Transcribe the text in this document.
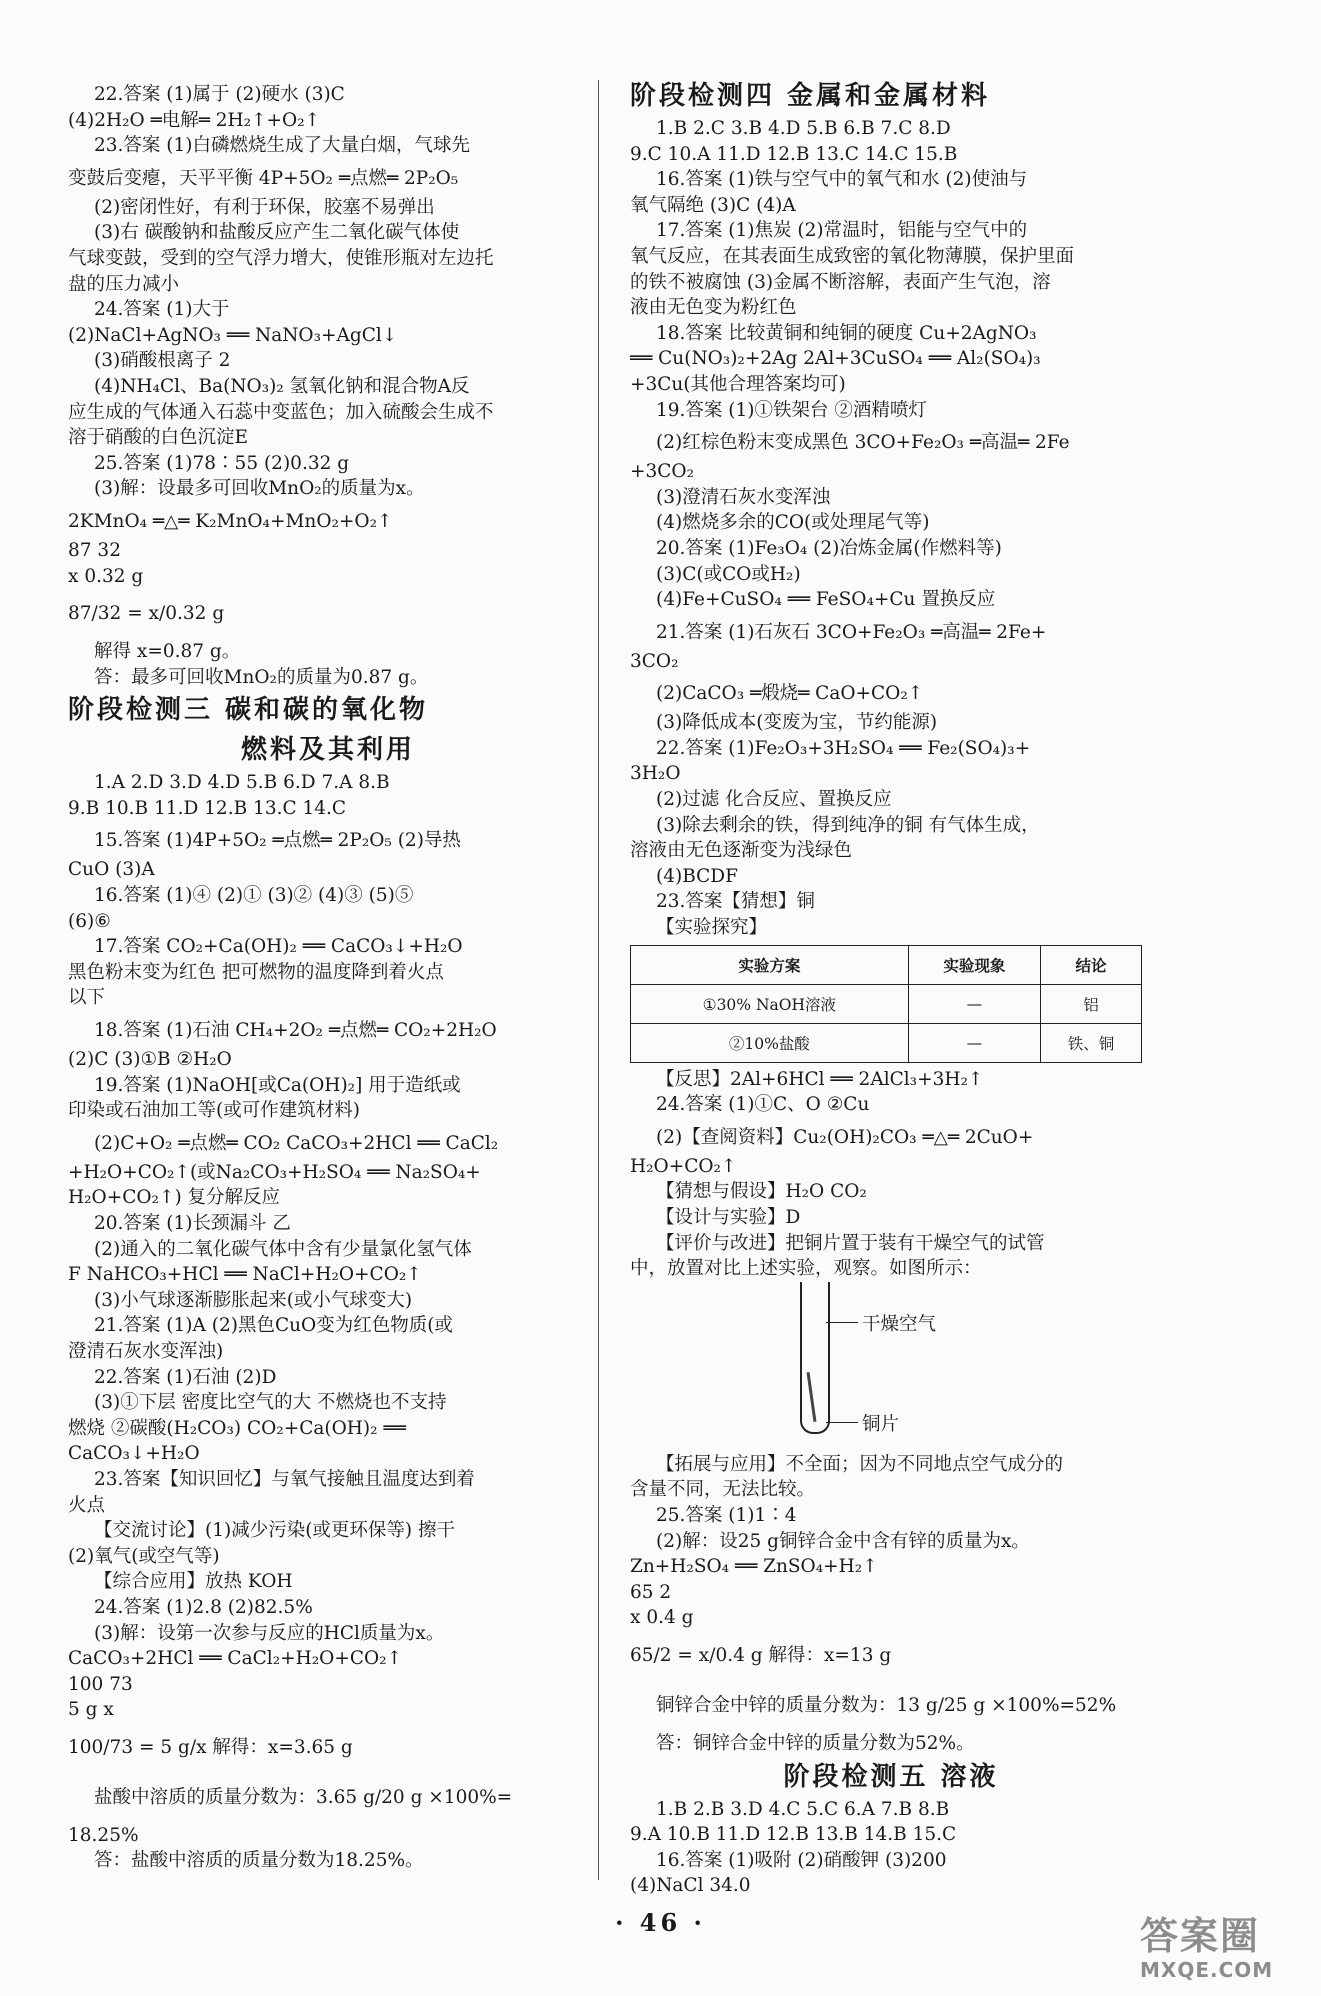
22.答案 (1)属于 (2)硬水 (3)C
(4)2H₂O ═电解═ 2H₂↑+O₂↑
23.答案 (1)白磷燃烧生成了大量白烟，气球先
变鼓后变瘪，天平平衡 4P+5O₂ ═点燃═ 2P₂O₅
(2)密闭性好，有利于环保，胶塞不易弹出
(3)右 碳酸钠和盐酸反应产生二氧化碳气体使
气球变鼓，受到的空气浮力增大，使锥形瓶对左边托
盘的压力减小
24.答案 (1)大于
(2)NaCl+AgNO₃ ══ NaNO₃+AgCl↓
(3)硝酸根离子 2
(4)NH₄Cl、Ba(NO₃)₂ 氢氧化钠和混合物A反
应生成的气体通入石蕊中变蓝色；加入硫酸会生成不
溶于硝酸的白色沉淀E
25.答案 (1)78∶55 (2)0.32 g
(3)解：设最多可回收MnO₂的质量为x。
2KMnO₄ ═△═ K₂MnO₄+MnO₂+O₂↑
87 32
x 0.32 g
87/32 = x/0.32 g
解得 x=0.87 g。
答：最多可回收MnO₂的质量为0.87 g。
阶段检测三 碳和碳的氧化物
燃料及其利用
1.A 2.D 3.D 4.D 5.B 6.D 7.A 8.B
9.B 10.B 11.D 12.B 13.C 14.C
15.答案 (1)4P+5O₂ ═点燃═ 2P₂O₅ (2)导热
CuO (3)A
16.答案 (1)④ (2)① (3)② (4)③ (5)⑤
(6)⑥
17.答案 CO₂+Ca(OH)₂ ══ CaCO₃↓+H₂O
黑色粉末变为红色 把可燃物的温度降到着火点
以下
18.答案 (1)石油 CH₄+2O₂ ═点燃═ CO₂+2H₂O
(2)C (3)①B ②H₂O
19.答案 (1)NaOH[或Ca(OH)₂] 用于造纸或
印染或石油加工等(或可作建筑材料)
(2)C+O₂ ═点燃═ CO₂ CaCO₃+2HCl ══ CaCl₂
+H₂O+CO₂↑(或Na₂CO₃+H₂SO₄ ══ Na₂SO₄+
H₂O+CO₂↑) 复分解反应
20.答案 (1)长颈漏斗 乙
(2)通入的二氧化碳气体中含有少量氯化氢气体
F NaHCO₃+HCl ══ NaCl+H₂O+CO₂↑
(3)小气球逐渐膨胀起来(或小气球变大)
21.答案 (1)A (2)黑色CuO变为红色物质(或
澄清石灰水变浑浊)
22.答案 (1)石油 (2)D
(3)①下层 密度比空气的大 不燃烧也不支持
燃烧 ②碳酸(H₂CO₃) CO₂+Ca(OH)₂ ══
CaCO₃↓+H₂O
23.答案【知识回忆】与氧气接触且温度达到着
火点
【交流讨论】(1)减少污染(或更环保等) 擦干
(2)氧气(或空气等)
【综合应用】放热 KOH
24.答案 (1)2.8 (2)82.5%
(3)解：设第一次参与反应的HCl质量为x。
CaCO₃+2HCl ══ CaCl₂+H₂O+CO₂↑
100 73
5 g x
100/73 = 5 g/x 解得：x=3.65 g
盐酸中溶质的质量分数为：3.65 g/20 g ×100%=
18.25%
答：盐酸中溶质的质量分数为18.25%。
阶段检测四 金属和金属材料
1.B 2.C 3.B 4.D 5.B 6.B 7.C 8.D
9.C 10.A 11.D 12.B 13.C 14.C 15.B
16.答案 (1)铁与空气中的氧气和水 (2)使油与
氧气隔绝 (3)C (4)A
17.答案 (1)焦炭 (2)常温时，铝能与空气中的
氧气反应，在其表面生成致密的氧化物薄膜，保护里面
的铁不被腐蚀 (3)金属不断溶解，表面产生气泡，溶
液由无色变为粉红色
18.答案 比较黄铜和纯铜的硬度 Cu+2AgNO₃
══ Cu(NO₃)₂+2Ag 2Al+3CuSO₄ ══ Al₂(SO₄)₃
+3Cu(其他合理答案均可)
19.答案 (1)①铁架台 ②酒精喷灯
(2)红棕色粉末变成黑色 3CO+Fe₂O₃ ═高温═ 2Fe
+3CO₂
(3)澄清石灰水变浑浊
(4)燃烧多余的CO(或处理尾气等)
20.答案 (1)Fe₃O₄ (2)冶炼金属(作燃料等)
(3)C(或CO或H₂)
(4)Fe+CuSO₄ ══ FeSO₄+Cu 置换反应
21.答案 (1)石灰石 3CO+Fe₂O₃ ═高温═ 2Fe+
3CO₂
(2)CaCO₃ ═煅烧═ CaO+CO₂↑
(3)降低成本(变废为宝，节约能源)
22.答案 (1)Fe₂O₃+3H₂SO₄ ══ Fe₂(SO₄)₃+
3H₂O
(2)过滤 化合反应、置换反应
(3)除去剩余的铁，得到纯净的铜 有气体生成，
溶液由无色逐渐变为浅绿色
(4)BCDF
23.答案【猜想】铜
【实验探究】
实验方案	实验现象	结论
①30% NaOH溶液	—	铝
②10%盐酸	—	铁、铜
【反思】2Al+6HCl ══ 2AlCl₃+3H₂↑
24.答案 (1)①C、O ②Cu
(2)【查阅资料】Cu₂(OH)₂CO₃ ═△═ 2CuO+
H₂O+CO₂↑
【猜想与假设】H₂O CO₂
【设计与实验】D
【评价与改进】把铜片置于装有干燥空气的试管
中，放置对比上述实验，观察。如图所示：
干燥空气
铜片
【拓展与应用】不全面；因为不同地点空气成分的
含量不同，无法比较。
25.答案 (1)1∶4
(2)解：设25 g铜锌合金中含有锌的质量为x。
Zn+H₂SO₄ ══ ZnSO₄+H₂↑
65 2
x 0.4 g
65/2 = x/0.4 g 解得：x=13 g
铜锌合金中锌的质量分数为：13 g/25 g ×100%=52%
答：铜锌合金中锌的质量分数为52%。
阶段检测五 溶液
1.B 2.B 3.D 4.C 5.C 6.A 7.B 8.B
9.A 10.B 11.D 12.B 13.B 14.B 15.C
16.答案 (1)吸附 (2)硝酸钾 (3)200
(4)NaCl 34.0
· 46 ·	答案圈
MXQE.COM
